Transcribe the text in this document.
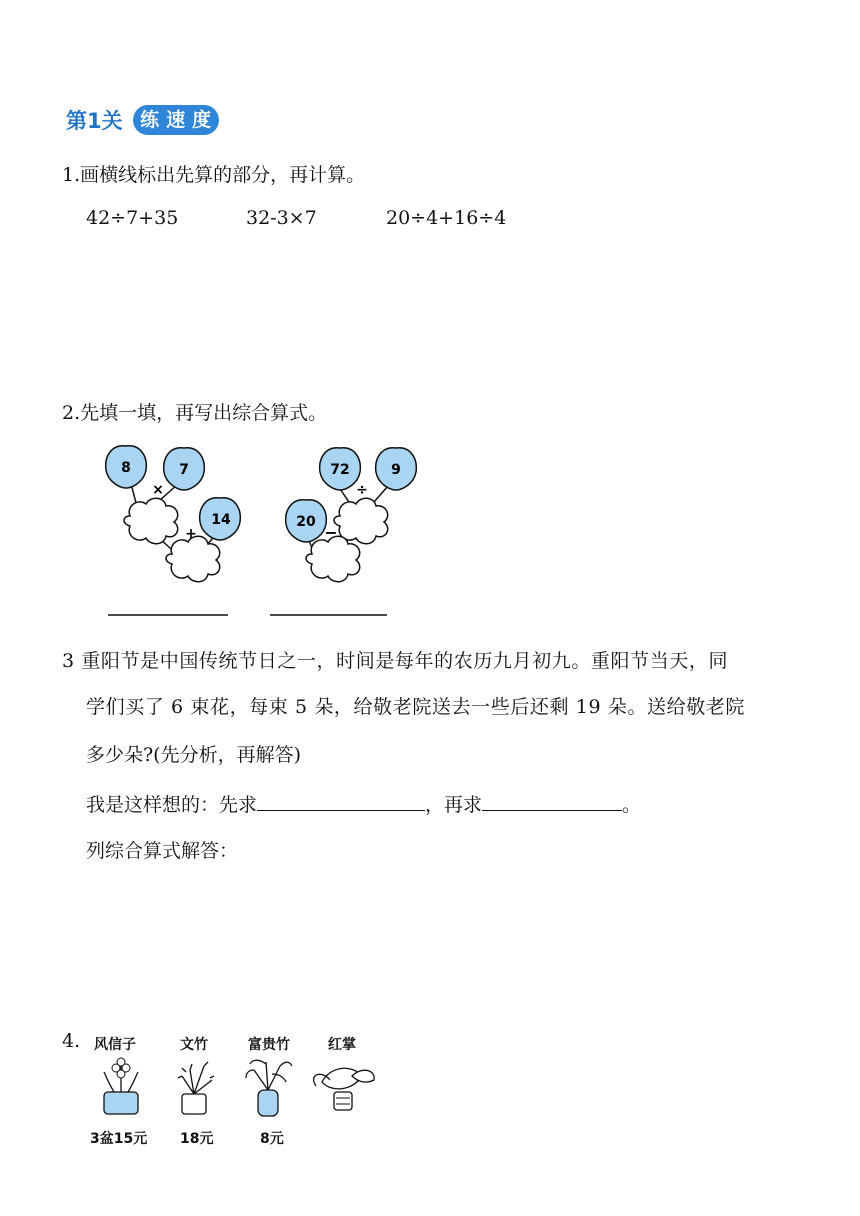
第1关 练 速 度
1.画横线标出先算的部分，再计算。
42÷7+35	32-3×7	20÷4+16÷4
2.先填一填，再写出综合算式。
8	7
×
14
+
72	9
÷
20
−
3 重阳节是中国传统节日之一，时间是每年的农历九月初九。重阳节当天，同
学们买了 6 束花，每束 5 朵，给敬老院送去一些后还剩 19 朵。送给敬老院
多少朵?(先分析，再解答)
我是这样想的：先求	，再求	。
列综合算式解答：
4. 风信子	文竹	富贵竹	红掌
3盆15元 18元	8元
